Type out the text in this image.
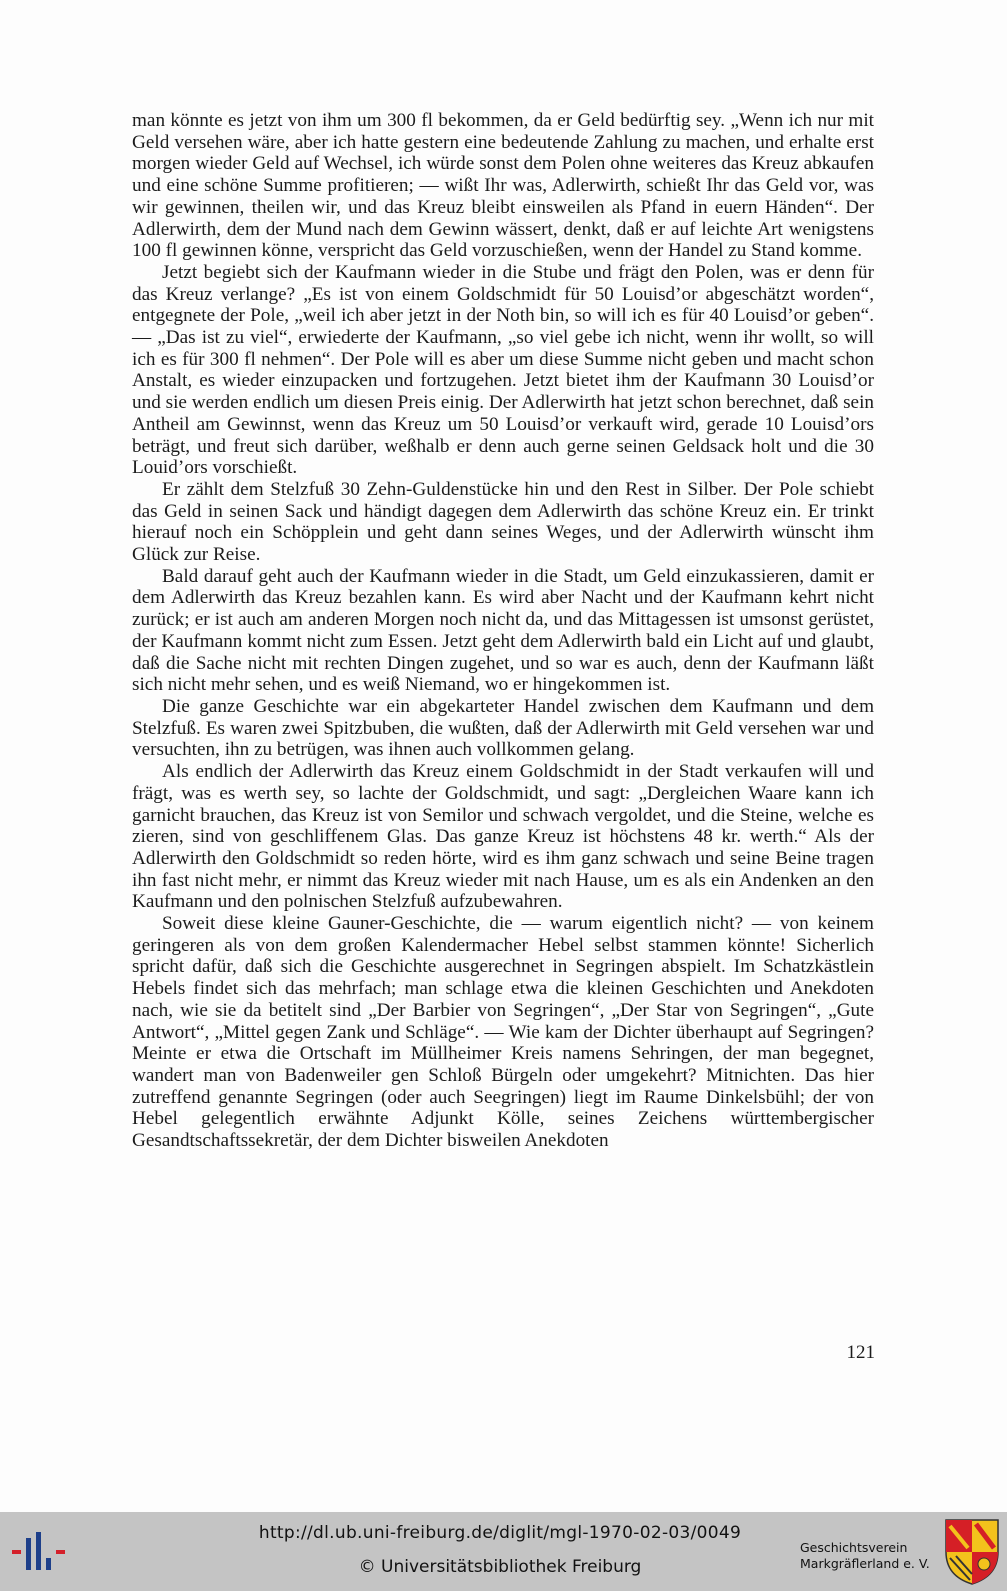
man könnte es jetzt von ihm um 300 fl bekommen, da er Geld bedürftig sey. „Wenn ich nur mit Geld versehen wäre, aber ich hatte gestern eine bedeutende Zahlung zu machen, und erhalte erst morgen wieder Geld auf Wechsel, ich würde sonst dem Polen ohne weiteres das Kreuz abkaufen und eine schöne Summe profitieren; — wißt Ihr was, Adlerwirth, schießt Ihr das Geld vor, was wir gewinnen, theilen wir, und das Kreuz bleibt einsweilen als Pfand in euern Händen“. Der Adlerwirth, dem der Mund nach dem Gewinn wässert, denkt, daß er auf leichte Art wenigstens 100 fl gewinnen könne, verspricht das Geld vorzuschießen, wenn der Handel zu Stand komme.

Jetzt begiebt sich der Kaufmann wieder in die Stube und frägt den Polen, was er denn für das Kreuz verlange? „Es ist von einem Goldschmidt für 50 Louisd’or abgeschätzt worden“, entgegnete der Pole, „weil ich aber jetzt in der Noth bin, so will ich es für 40 Louisd’or geben“. — „Das ist zu viel“, erwiederte der Kaufmann, „so viel gebe ich nicht, wenn ihr wollt, so will ich es für 300 fl nehmen“. Der Pole will es aber um diese Summe nicht geben und macht schon Anstalt, es wieder einzupacken und fortzugehen. Jetzt bietet ihm der Kaufmann 30 Louisd’or und sie werden endlich um diesen Preis einig. Der Adlerwirth hat jetzt schon berechnet, daß sein Antheil am Gewinnst, wenn das Kreuz um 50 Louisd’or verkauft wird, gerade 10 Louisd’ors beträgt, und freut sich darüber, weßhalb er denn auch gerne seinen Geldsack holt und die 30 Louid’ors vorschießt.

Er zählt dem Stelzfuß 30 Zehn-Guldenstücke hin und den Rest in Silber. Der Pole schiebt das Geld in seinen Sack und händigt dagegen dem Adlerwirth das schöne Kreuz ein. Er trinkt hierauf noch ein Schöpplein und geht dann seines Weges, und der Adlerwirth wünscht ihm Glück zur Reise.

Bald darauf geht auch der Kaufmann wieder in die Stadt, um Geld einzukassieren, damit er dem Adlerwirth das Kreuz bezahlen kann. Es wird aber Nacht und der Kaufmann kehrt nicht zurück; er ist auch am anderen Morgen noch nicht da, und das Mittagessen ist umsonst gerüstet, der Kaufmann kommt nicht zum Essen. Jetzt geht dem Adlerwirth bald ein Licht auf und glaubt, daß die Sache nicht mit rechten Dingen zugehet, und so war es auch, denn der Kaufmann läßt sich nicht mehr sehen, und es weiß Niemand, wo er hingekommen ist.

Die ganze Geschichte war ein abgekarteter Handel zwischen dem Kaufmann und dem Stelzfuß. Es waren zwei Spitzbuben, die wußten, daß der Adlerwirth mit Geld versehen war und versuchten, ihn zu betrügen, was ihnen auch vollkommen gelang.

Als endlich der Adlerwirth das Kreuz einem Goldschmidt in der Stadt verkaufen will und frägt, was es werth sey, so lachte der Goldschmidt, und sagt: „Dergleichen Waare kann ich garnicht brauchen, das Kreuz ist von Semilor und schwach vergoldet, und die Steine, welche es zieren, sind von geschliffenem Glas. Das ganze Kreuz ist höchstens 48 kr. werth.“ Als der Adlerwirth den Goldschmidt so reden hörte, wird es ihm ganz schwach und seine Beine tragen ihn fast nicht mehr, er nimmt das Kreuz wieder mit nach Hause, um es als ein Andenken an den Kaufmann und den polnischen Stelzfuß aufzubewahren.

Soweit diese kleine Gauner-Geschichte, die — warum eigentlich nicht? — von keinem geringeren als von dem großen Kalendermacher Hebel selbst stammen könnte! Sicherlich spricht dafür, daß sich die Geschichte ausgerechnet in Segringen abspielt. Im Schatzkästlein Hebels findet sich das mehrfach; man schlage etwa die kleinen Geschichten und Anekdoten nach, wie sie da betitelt sind „Der Barbier von Segringen“, „Der Star von Segringen“, „Gute Antwort“, „Mittel gegen Zank und Schläge“. — Wie kam der Dichter überhaupt auf Segringen? Meinte er etwa die Ortschaft im Müllheimer Kreis namens Sehringen, der man begegnet, wandert man von Badenweiler gen Schloß Bürgeln oder umgekehrt? Mitnichten. Das hier zutreffend genannte Segringen (oder auch Seegringen) liegt im Raume Dinkelsbühl; der von Hebel gelegentlich erwähnte Adjunkt Kölle, seines Zeichens württembergischer Gesandtschaftssekretär, der dem Dichter bisweilen Anekdoten

121
http://dl.ub.uni-freiburg.de/diglit/mgl-1970-02-03/0049
© Universitätsbibliothek Freiburg
Geschichtsverein
Markgräflerland e. V.
